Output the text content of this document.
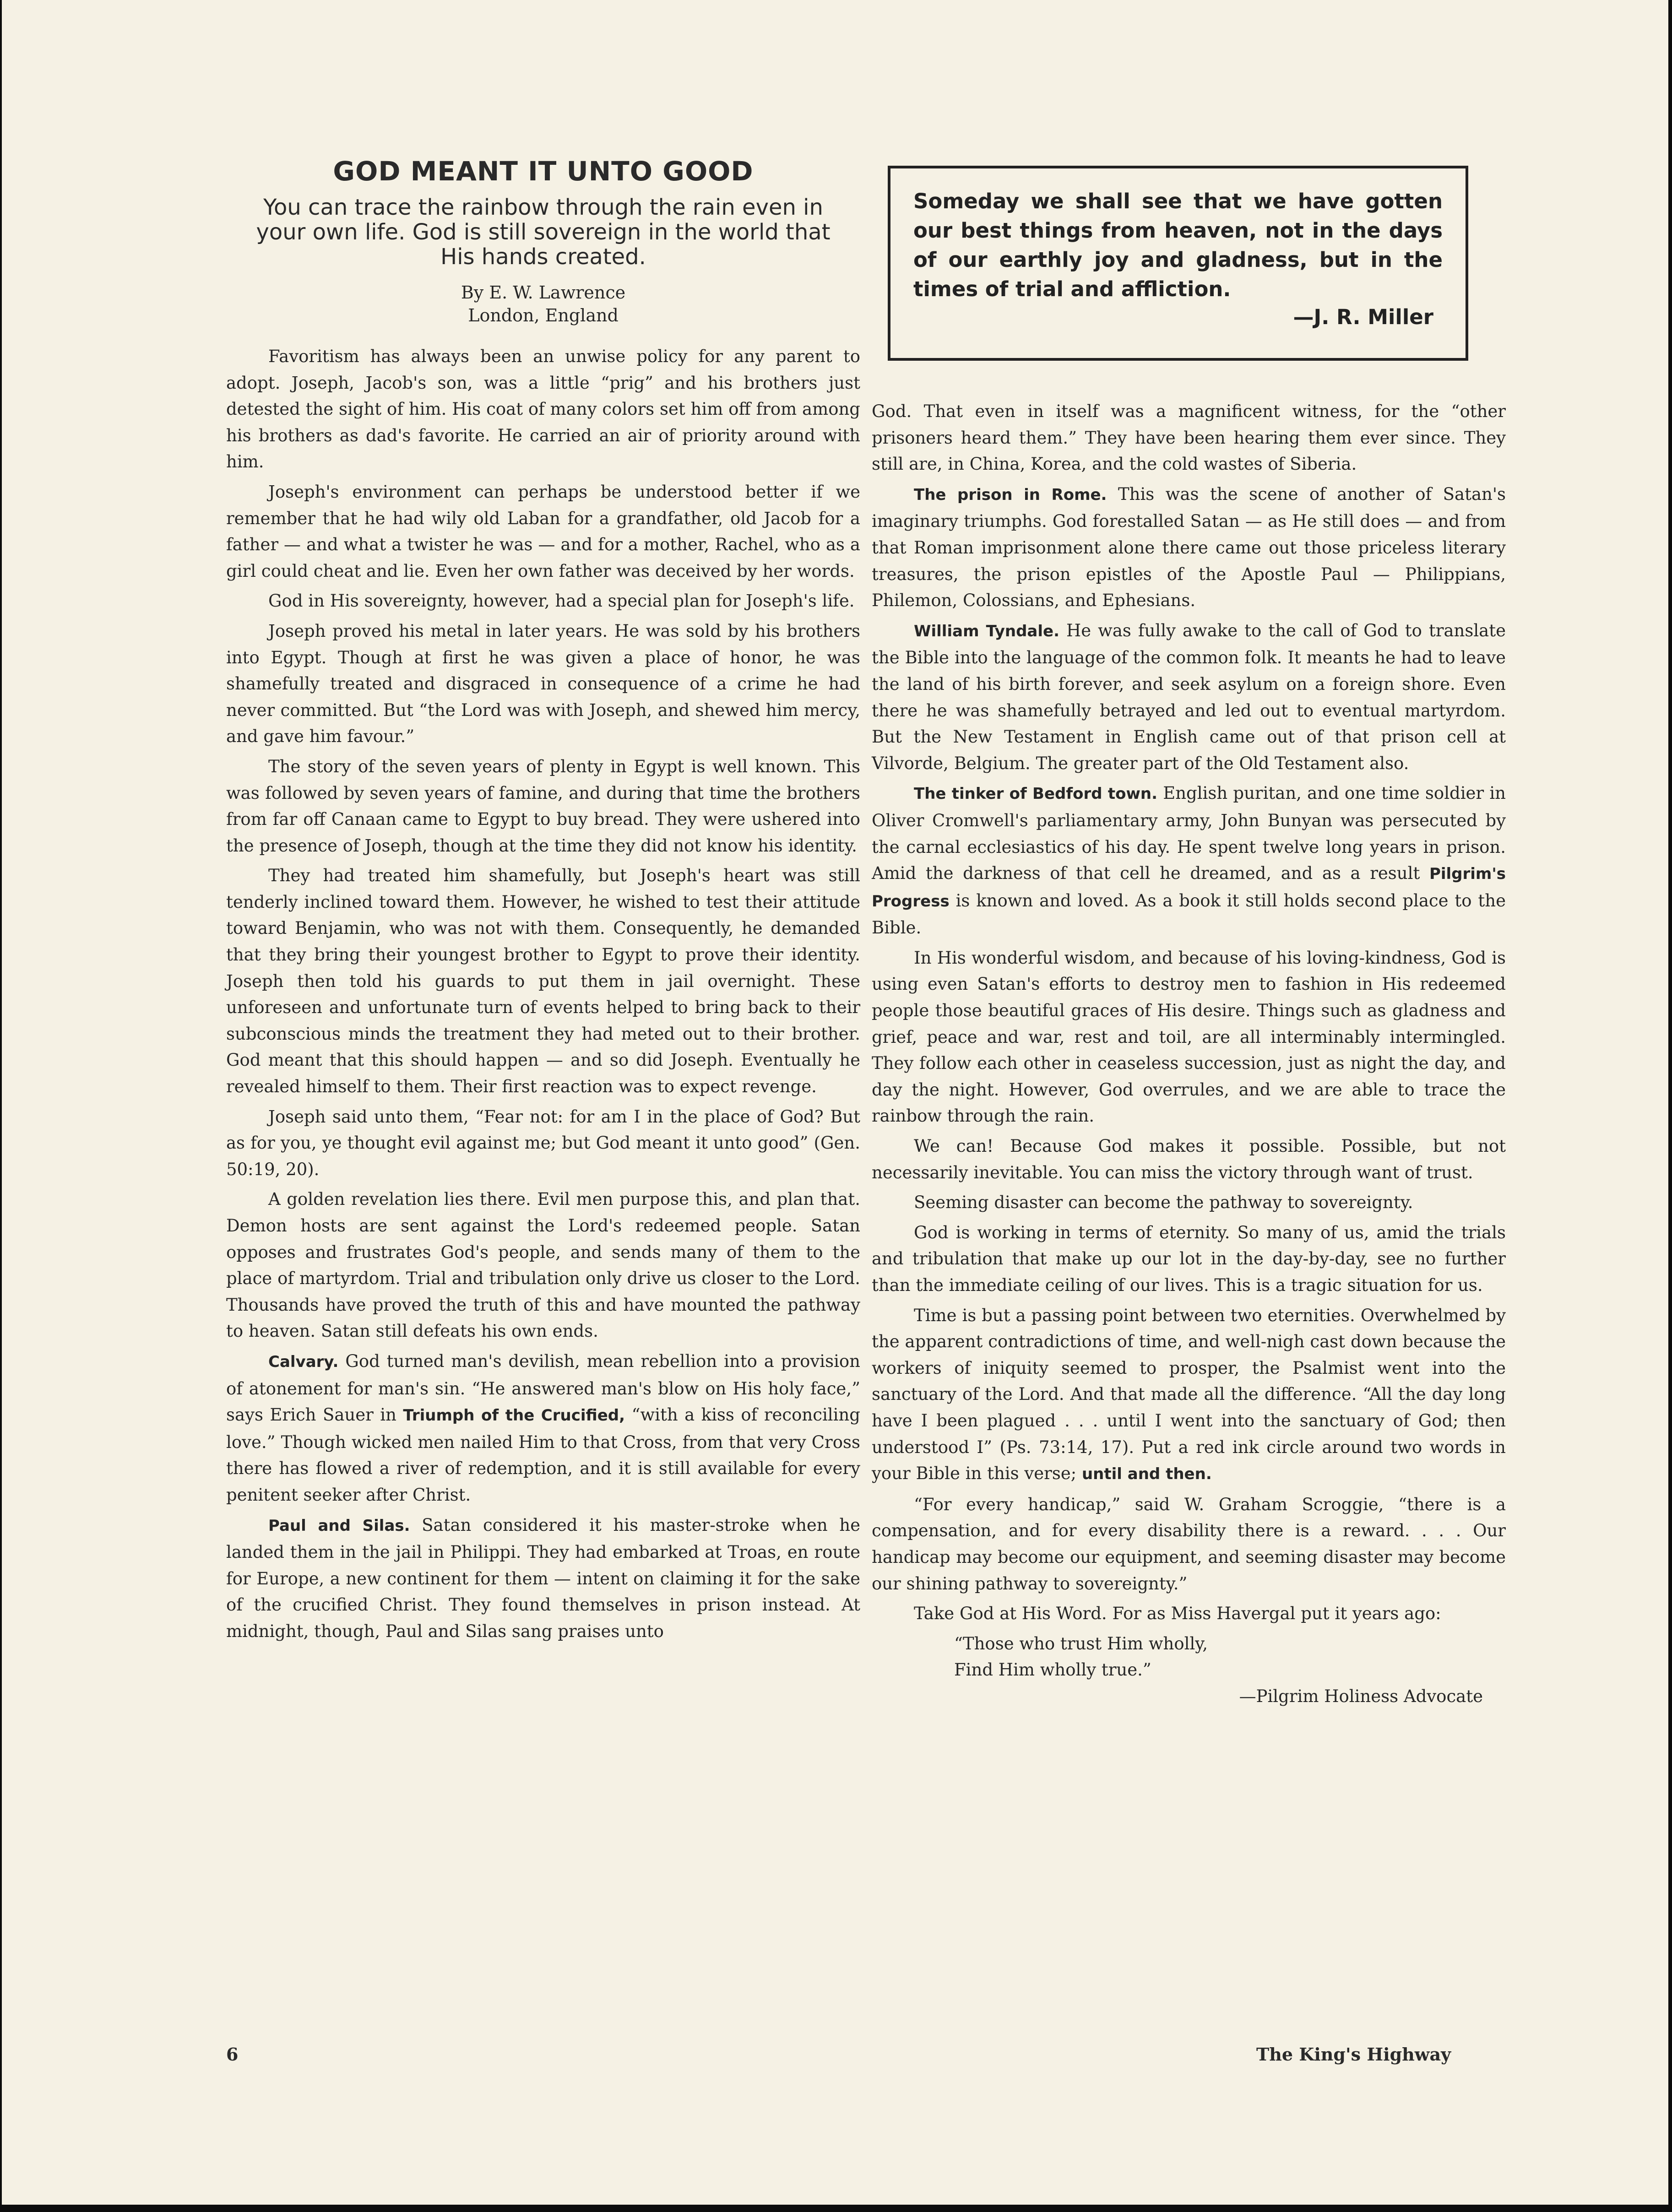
GOD MEANT IT UNTO GOOD

You can trace the rainbow through the rain even in your own life. God is still sovereign in the world that His hands created.

By E. W. Lawrence
London, England

Favoritism has always been an unwise policy for any parent to adopt. Joseph, Jacob's son, was a little “prig” and his brothers just detested the sight of him. His coat of many colors set him off from among his brothers as dad's favorite. He carried an air of priority around with him.

Joseph's environment can perhaps be understood better if we remember that he had wily old Laban for a grandfather, old Jacob for a father — and what a twister he was — and for a mother, Rachel, who as a girl could cheat and lie. Even her own father was deceived by her words.

God in His sovereignty, however, had a special plan for Joseph's life.

Joseph proved his metal in later years. He was sold by his brothers into Egypt. Though at first he was given a place of honor, he was shamefully treated and disgraced in consequence of a crime he had never committed. But “the Lord was with Joseph, and shewed him mercy, and gave him favour.”

The story of the seven years of plenty in Egypt is well known. This was followed by seven years of famine, and during that time the brothers from far off Canaan came to Egypt to buy bread. They were ushered into the presence of Joseph, though at the time they did not know his identity.

They had treated him shamefully, but Joseph's heart was still tenderly inclined toward them. However, he wished to test their attitude toward Benjamin, who was not with them. Consequently, he demanded that they bring their youngest brother to Egypt to prove their identity. Joseph then told his guards to put them in jail overnight. These unforeseen and unfortunate turn of events helped to bring back to their subconscious minds the treatment they had meted out to their brother. God meant that this should happen — and so did Joseph. Eventually he revealed himself to them. Their first reaction was to expect revenge.

Joseph said unto them, “Fear not: for am I in the place of God? But as for you, ye thought evil against me; but God meant it unto good” (Gen. 50:19, 20).

A golden revelation lies there. Evil men purpose this, and plan that. Demon hosts are sent against the Lord's redeemed people. Satan opposes and frustrates God's people, and sends many of them to the place of martyrdom. Trial and tribulation only drive us closer to the Lord. Thousands have proved the truth of this and have mounted the pathway to heaven. Satan still defeats his own ends.

Calvary. God turned man's devilish, mean rebellion into a provision of atonement for man's sin. “He answered man's blow on His holy face,” says Erich Sauer in Triumph of the Crucified, “with a kiss of reconciling love.” Though wicked men nailed Him to that Cross, from that very Cross there has flowed a river of redemption, and it is still available for every penitent seeker after Christ.

Paul and Silas. Satan considered it his master-stroke when he landed them in the jail in Philippi. They had embarked at Troas, en route for Europe, a new continent for them — intent on claiming it for the sake of the crucified Christ. They found themselves in prison instead. At midnight, though, Paul and Silas sang praises unto

Someday we shall see that we have gotten our best things from heaven, not in the days of our earthly joy and gladness, but in the times of trial and affliction.

—J. R. Miller

God. That even in itself was a magnificent witness, for the “other prisoners heard them.” They have been hearing them ever since. They still are, in China, Korea, and the cold wastes of Siberia.

The prison in Rome. This was the scene of another of Satan's imaginary triumphs. God forestalled Satan — as He still does — and from that Roman imprisonment alone there came out those priceless literary treasures, the prison epistles of the Apostle Paul — Philippians, Philemon, Colossians, and Ephesians.

William Tyndale. He was fully awake to the call of God to translate the Bible into the language of the common folk. It meants he had to leave the land of his birth forever, and seek asylum on a foreign shore. Even there he was shamefully betrayed and led out to eventual martyrdom. But the New Testament in English came out of that prison cell at Vilvorde, Belgium. The greater part of the Old Testament also.

The tinker of Bedford town. English puritan, and one time soldier in Oliver Cromwell's parliamentary army, John Bunyan was persecuted by the carnal ecclesiastics of his day. He spent twelve long years in prison. Amid the darkness of that cell he dreamed, and as a result Pilgrim's Progress is known and loved. As a book it still holds second place to the Bible.

In His wonderful wisdom, and because of his loving-kindness, God is using even Satan's efforts to destroy men to fashion in His redeemed people those beautiful graces of His desire. Things such as gladness and grief, peace and war, rest and toil, are all interminably intermingled. They follow each other in ceaseless succession, just as night the day, and day the night. However, God overrules, and we are able to trace the rainbow through the rain.

We can! Because God makes it possible. Possible, but not necessarily inevitable. You can miss the victory through want of trust.

Seeming disaster can become the pathway to sovereignty.

God is working in terms of eternity. So many of us, amid the trials and tribulation that make up our lot in the day-by-day, see no further than the immediate ceiling of our lives. This is a tragic situation for us.

Time is but a passing point between two eternities. Overwhelmed by the apparent contradictions of time, and well-nigh cast down because the workers of iniquity seemed to prosper, the Psalmist went into the sanctuary of the Lord. And that made all the difference. “All the day long have I been plagued . . . until I went into the sanctuary of God; then understood I” (Ps. 73:14, 17). Put a red ink circle around two words in your Bible in this verse; until and then.

“For every handicap,” said W. Graham Scroggie, “there is a compensation, and for every disability there is a reward. . . . Our handicap may become our equipment, and seeming disaster may become our shining pathway to sovereignty.”

Take God at His Word. For as Miss Havergal put it years ago:

“Those who trust Him wholly,
Find Him wholly true.”
—Pilgrim Holiness Advocate
6	The King's Highway
